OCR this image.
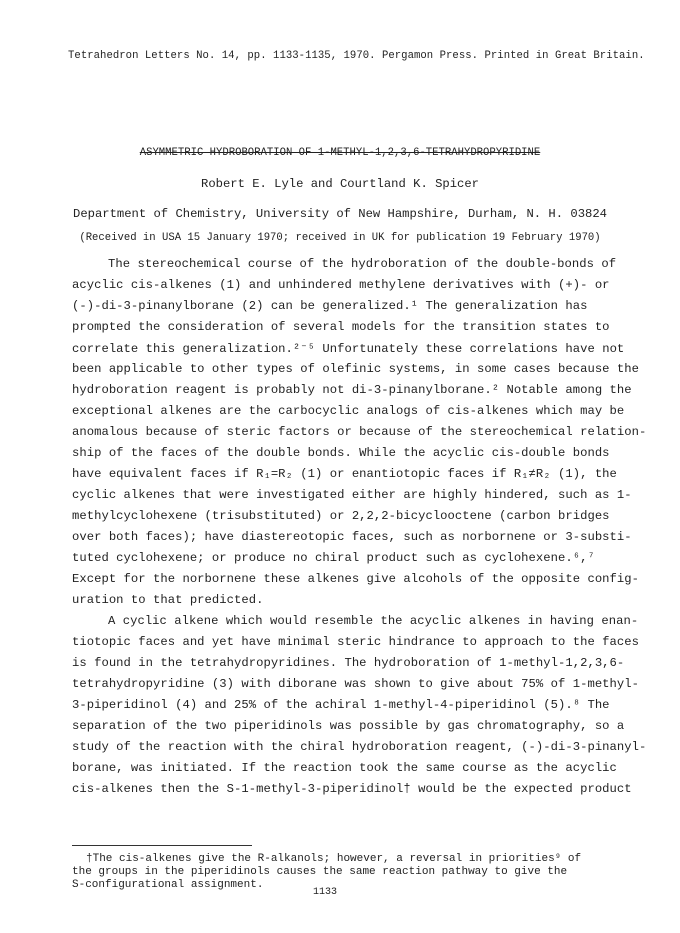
Tetrahedron Letters No. 14, pp. 1133-1135, 1970. Pergamon Press. Printed in Great Britain.
ASYMMETRIC HYDROBORATION OF 1-METHYL-1,2,3,6-TETRAHYDROPYRIDINE
Robert E. Lyle and Courtland K. Spicer
Department of Chemistry, University of New Hampshire, Durham, N. H. 03824
(Received in USA 15 January 1970; received in UK for publication 19 February 1970)
The stereochemical course of the hydroboration of the double-bonds of
acyclic cis-alkenes (1) and unhindered methylene derivatives with (+)- or
(-)-di-3-pinanylborane (2) can be generalized.¹ The generalization has
prompted the consideration of several models for the transition states to
correlate this generalization.²⁻⁵ Unfortunately these correlations have not
been applicable to other types of olefinic systems, in some cases because the
hydroboration reagent is probably not di-3-pinanylborane.² Notable among the
exceptional alkenes are the carbocyclic analogs of cis-alkenes which may be
anomalous because of steric factors or because of the stereochemical relation-
ship of the faces of the double bonds. While the acyclic cis-double bonds
have equivalent faces if R₁=R₂ (1) or enantiotopic faces if R₁≠R₂ (1), the
cyclic alkenes that were investigated either are highly hindered, such as 1-
methylcyclohexene (trisubstituted) or 2,2,2-bicyclooctene (carbon bridges
over both faces); have diastereotopic faces, such as norbornene or 3-substi-
tuted cyclohexene; or produce no chiral product such as cyclohexene.⁶,⁷
Except for the norbornene these alkenes give alcohols of the opposite config-
uration to that predicted.
A cyclic alkene which would resemble the acyclic alkenes in having enan-
tiotopic faces and yet have minimal steric hindrance to approach to the faces
is found in the tetrahydropyridines. The hydroboration of 1-methyl-1,2,3,6-
tetrahydropyridine (3) with diborane was shown to give about 75% of 1-methyl-
3-piperidinol (4) and 25% of the achiral 1-methyl-4-piperidinol (5).⁸ The
separation of the two piperidinols was possible by gas chromatography, so a
study of the reaction with the chiral hydroboration reagent, (-)-di-3-pinanyl-
borane, was initiated. If the reaction took the same course as the acyclic
cis-alkenes then the S-1-methyl-3-piperidinol† would be the expected product
†The cis-alkenes give the R-alkanols; however, a reversal in priorities⁹ of
the groups in the piperidinols causes the same reaction pathway to give the
S-configurational assignment.
1133
